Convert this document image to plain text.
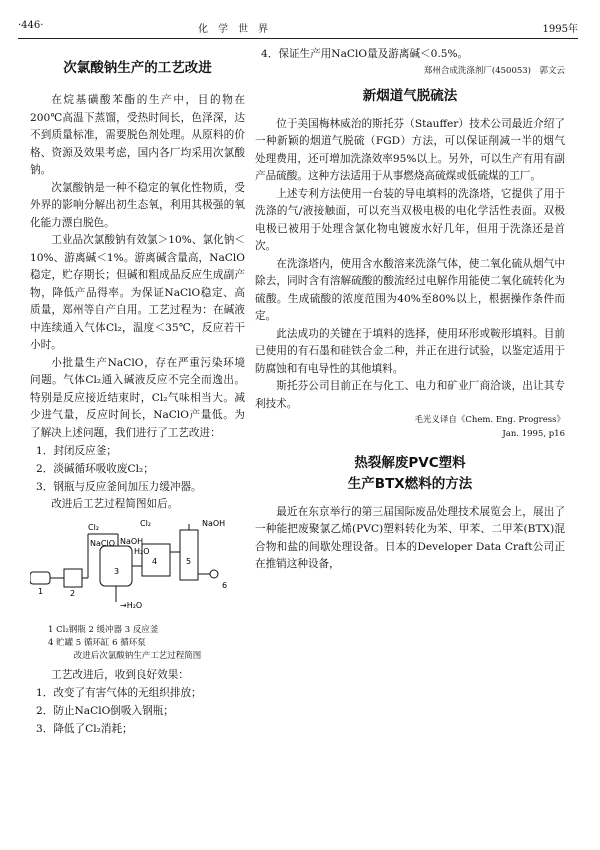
·446·	化学世界	1995年
次氯酸钠生产的工艺改进

在烷基磺酸苯酯的生产中，目的物在200℃高温下蒸馏，受热时间长，色泽深，达不到质量标准，需要脱色剂处理。从原料的价格、资源及效果考虑，国内各厂均采用次氯酸钠。

次氯酸钠是一种不稳定的氧化性物质，受外界的影响分解出初生态氧，利用其极强的氧化能力漂白脱色。

工业品次氯酸钠有效氯＞10%、氯化钠＜10%、游离碱＜1%。游离碱含量高，NaClO稳定，贮存期长；但碱和粗成品反应生成副产物，降低产品得率。为保证NaClO稳定、高质量，郑州等自产自用。工艺过程为：在碱液中连续通入气体Cl₂，温度＜35℃，反应若干小时。

小批量生产NaClO，存在严重污染环境问题。气体Cl₂通入碱液反应不完全而逸出。特别是反应接近结束时，Cl₂气味相当大。减少进气量，反应时间长，NaClO产量低。为了解决上述问题，我们进行了工艺改进：

1．封闭反应釜；
2．淡碱循环吸收废Cl₂；
3．钢瓶与反应釜间加压力缓冲器。

改进后工艺过程简图如后。

Cl₂	Cl₂	NaOH
NaOH
NaClO
H₂O
→H₂O
1	2
3
4	5
6
1 Cl₂钢瓶 2 缓冲器 3 反应釜
4 贮罐 5 循环缸 6 循环泵
改进后次氯酸钠生产工艺过程简图

工艺改进后，收到良好效果：

1．改变了有害气体的无组织排放；
2．防止NaClO倒吸入钢瓶；
3．降低了Cl₂消耗；

4．保证生产用NaClO量及游离碱＜0.5%。

郑州合成洗涤剂厂(450053)　郭文云
新烟道气脱硫法

位于美国梅林威治的斯托芬（Stauffer）技术公司最近介绍了一种新颖的烟道气脱硫（FGD）方法，可以保证削减一半的烟气处理费用，还可增加洗涤效率95%以上。另外，可以生产有用有副产品硫酸。这种方法适用于从事燃烧高硫煤或低硫煤的工厂。

上述专利方法使用一台装的导电填料的洗涤塔，它提供了用于洗涤的气/液接触面，可以充当双极电极的电化学活性表面。双极电极已被用于处理含氯化物电镀废水好几年，但用于洗涤还是首次。

在洗涤塔内，使用含水酸溶来洗涤气体，使二氧化硫从烟气中除去，同时含有溶解硫酸的酸流经过电解作用能使二氧化硫转化为硫酸。生成硫酸的浓度范围为40%至80%以上，根据操作条件而定。

此法成功的关键在于填料的选择，使用环形或鞍形填料。目前已使用的有石墨和硅铁合金二种，并正在进行试验，以鉴定适用于防腐蚀和有电导性的其他填料。

斯托芬公司目前正在与化工、电力和矿业厂商洽谈，出让其专利技术。

毛光义译自《Chem. Eng. Progress》
Jan. 1995, p16
热裂解废PVC塑料
生产BTX燃料的方法

最近在东京举行的第三届国际废品处理技术展览会上，展出了一种能把废聚氯乙烯(PVC)塑料转化为苯、甲苯、二甲苯(BTX)混合物和盐的间歇处理设备。日本的Developer Data Craft公司正在推销这种设备，
